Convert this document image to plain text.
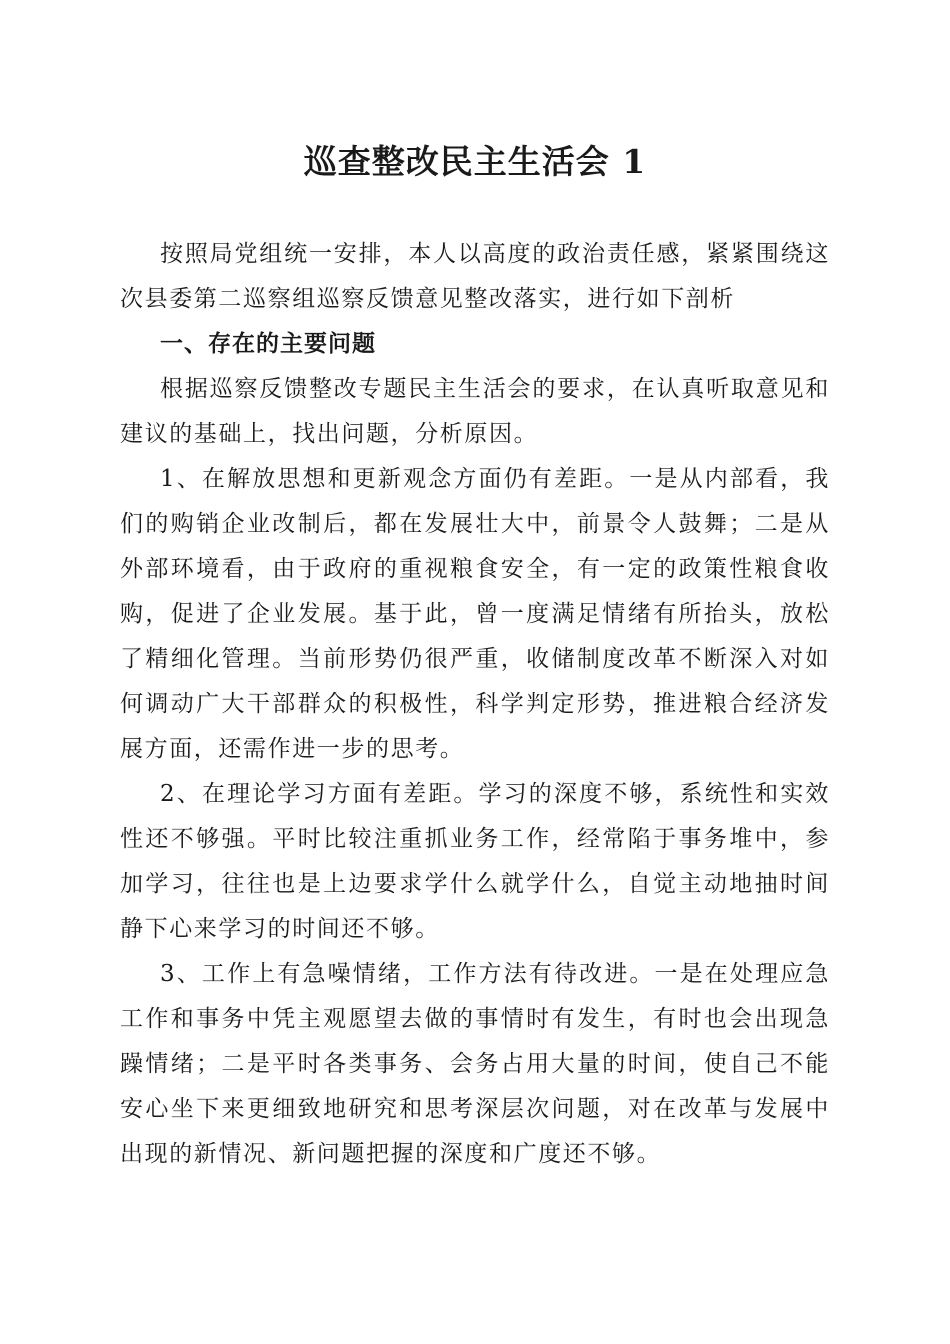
巡查整改民主生活会 1

按照局党组统一安排，本人以高度的政治责任感，紧紧围绕这次县委第二巡察组巡察反馈意见整改落实，进行如下剖析

一、存在的主要问题

根据巡察反馈整改专题民主生活会的要求，在认真听取意见和建议的基础上，找出问题，分析原因。

1、在解放思想和更新观念方面仍有差距。一是从内部看，我们的购销企业改制后，都在发展壮大中，前景令人鼓舞；二是从外部环境看，由于政府的重视粮食安全，有一定的政策性粮食收购，促进了企业发展。基于此，曾一度满足情绪有所抬头，放松了精细化管理。当前形势仍很严重，收储制度改革不断深入对如何调动广大干部群众的积极性，科学判定形势，推进粮合经济发展方面，还需作进一步的思考。

2、在理论学习方面有差距。学习的深度不够，系统性和实效性还不够强。平时比较注重抓业务工作，经常陷于事务堆中，参加学习，往往也是上边要求学什么就学什么，自觉主动地抽时间静下心来学习的时间还不够。

3、工作上有急噪情绪，工作方法有待改进。一是在处理应急工作和事务中凭主观愿望去做的事情时有发生，有时也会出现急躁情绪；二是平时各类事务、会务占用大量的时间，使自己不能安心坐下来更细致地研究和思考深层次问题，对在改革与发展中出现的新情况、新问题把握的深度和广度还不够。
